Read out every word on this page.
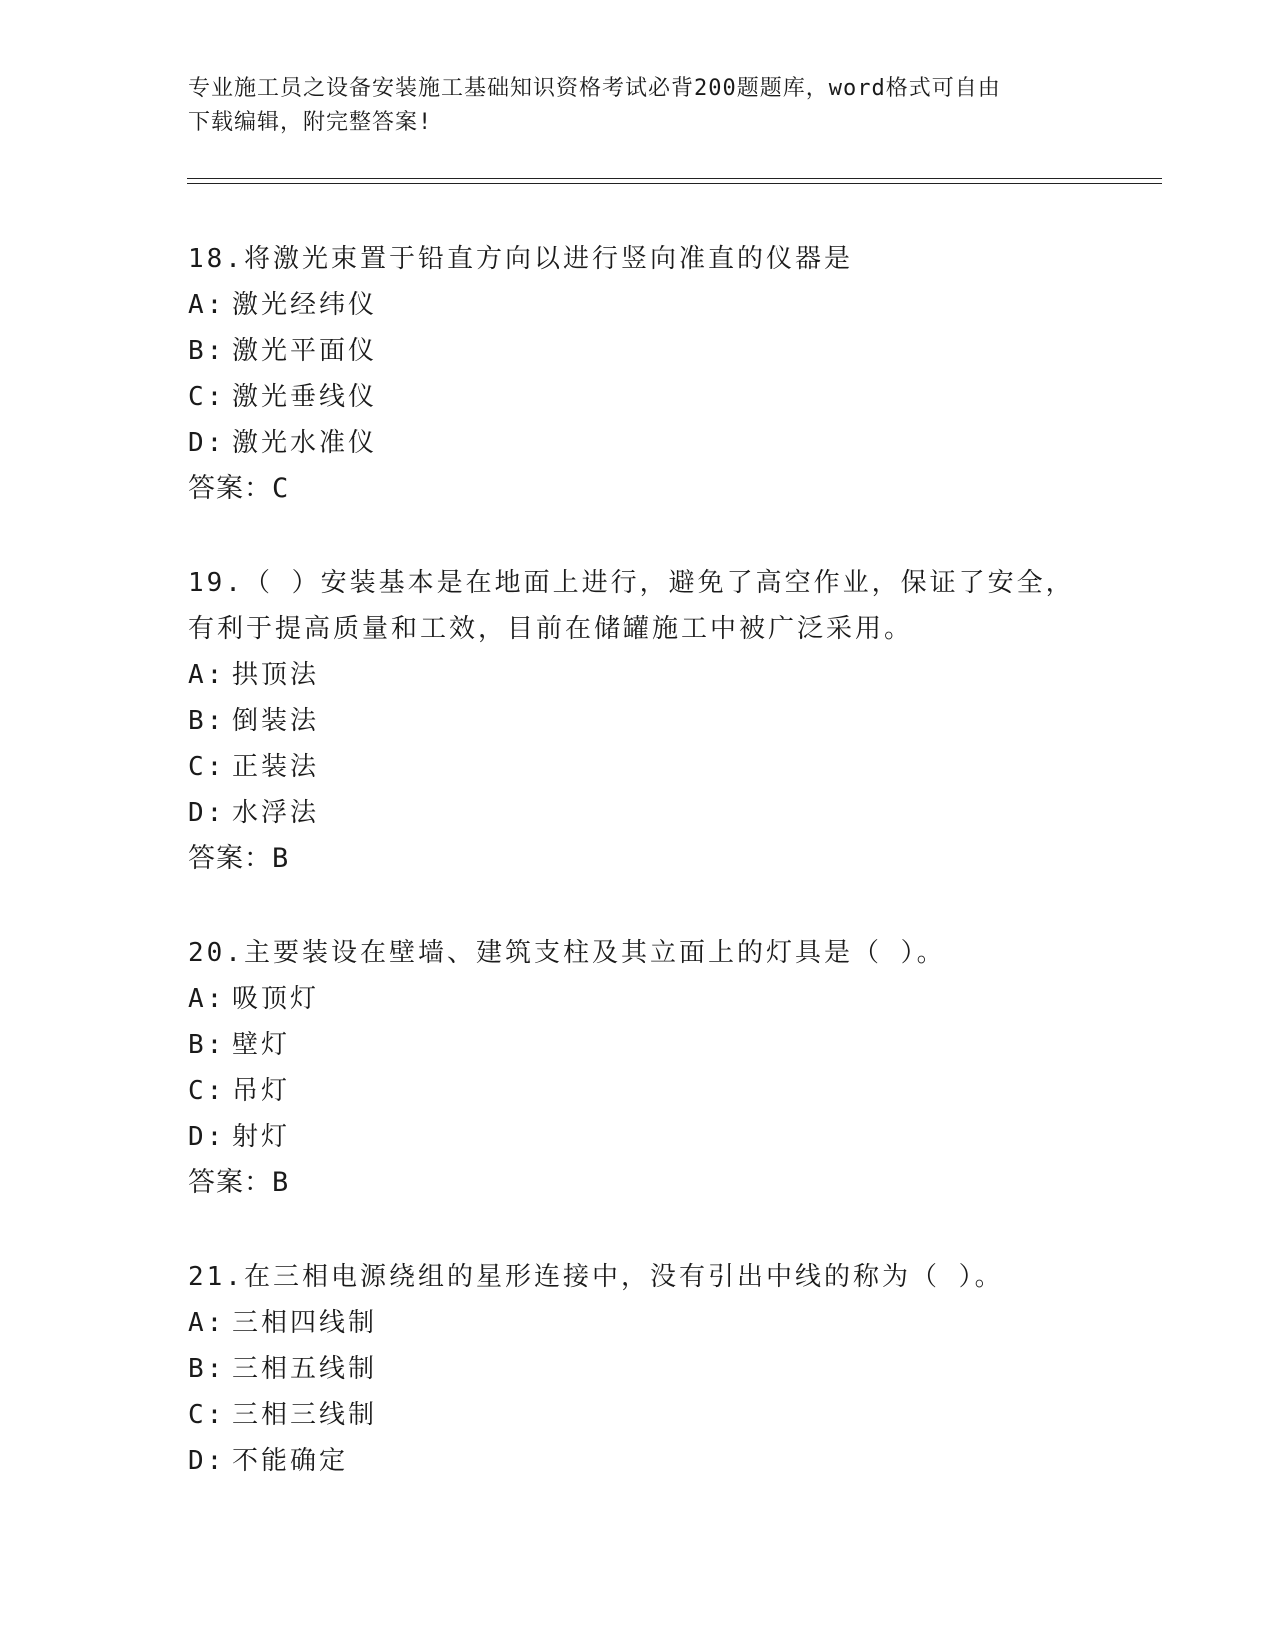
专业施工员之设备安装施工基础知识资格考试必背200题题库，word格式可自由
下载编辑，附完整答案!
18.将激光束置于铅直方向以进行竖向准直的仪器是
A: 激光经纬仪
B: 激光平面仪
C: 激光垂线仪
D: 激光水准仪
答案：C
19.（ ）安装基本是在地面上进行，避免了高空作业，保证了安全，
有利于提高质量和工效，目前在储罐施工中被广泛采用。
A: 拱顶法
B: 倒装法
C: 正装法
D: 水浮法
答案：B
20.主要装设在壁墙、建筑支柱及其立面上的灯具是（ ）。
A: 吸顶灯
B: 壁灯
C: 吊灯
D: 射灯
答案：B
21.在三相电源绕组的星形连接中，没有引出中线的称为（ ）。
A: 三相四线制
B: 三相五线制
C: 三相三线制
D: 不能确定
